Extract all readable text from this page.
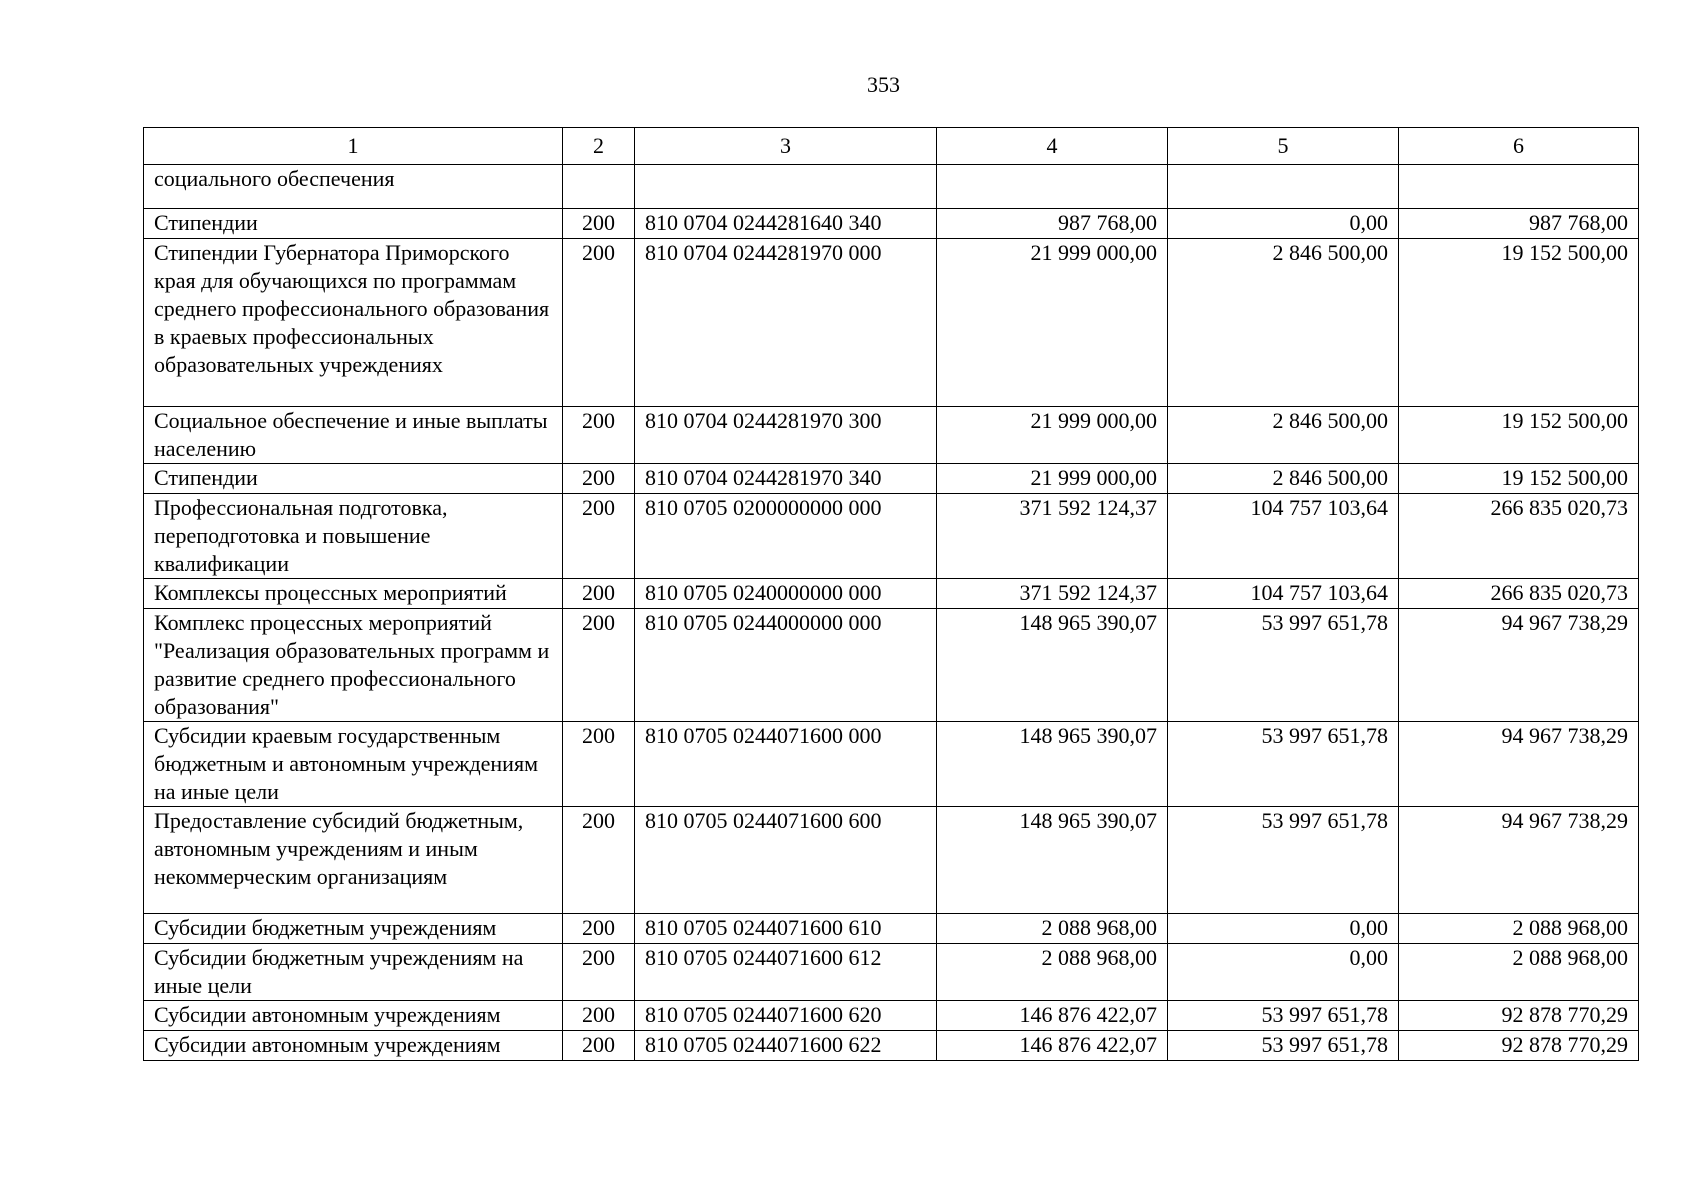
353
1	2	3	4	5	6
социального обеспечения					
Стипендии	200	810 0704 0244281640 340	987 768,00	0,00	987 768,00
Стипендии Губернатора Приморского края для обучающихся по программам среднего профессионального образования в краевых профессиональных образовательных учреждениях	200	810 0704 0244281970 000	21 999 000,00	2 846 500,00	19 152 500,00
Социальное обеспечение и иные выплаты населению	200	810 0704 0244281970 300	21 999 000,00	2 846 500,00	19 152 500,00
Стипендии	200	810 0704 0244281970 340	21 999 000,00	2 846 500,00	19 152 500,00
Профессиональная подготовка, переподготовка и повышение квалификации	200	810 0705 0200000000 000	371 592 124,37	104 757 103,64	266 835 020,73
Комплексы процессных мероприятий	200	810 0705 0240000000 000	371 592 124,37	104 757 103,64	266 835 020,73
Комплекс процессных мероприятий "Реализация образовательных программ и развитие среднего профессионального образования"	200	810 0705 0244000000 000	148 965 390,07	53 997 651,78	94 967 738,29
Субсидии краевым государственным бюджетным и автономным учреждениям на иные цели	200	810 0705 0244071600 000	148 965 390,07	53 997 651,78	94 967 738,29
Предоставление субсидий бюджетным, автономным учреждениям и иным некоммерческим организациям	200	810 0705 0244071600 600	148 965 390,07	53 997 651,78	94 967 738,29
Субсидии бюджетным учреждениям	200	810 0705 0244071600 610	2 088 968,00	0,00	2 088 968,00
Субсидии бюджетным учреждениям на иные цели	200	810 0705 0244071600 612	2 088 968,00	0,00	2 088 968,00
Субсидии автономным учреждениям	200	810 0705 0244071600 620	146 876 422,07	53 997 651,78	92 878 770,29
Субсидии автономным учреждениям	200	810 0705 0244071600 622	146 876 422,07	53 997 651,78	92 878 770,29
